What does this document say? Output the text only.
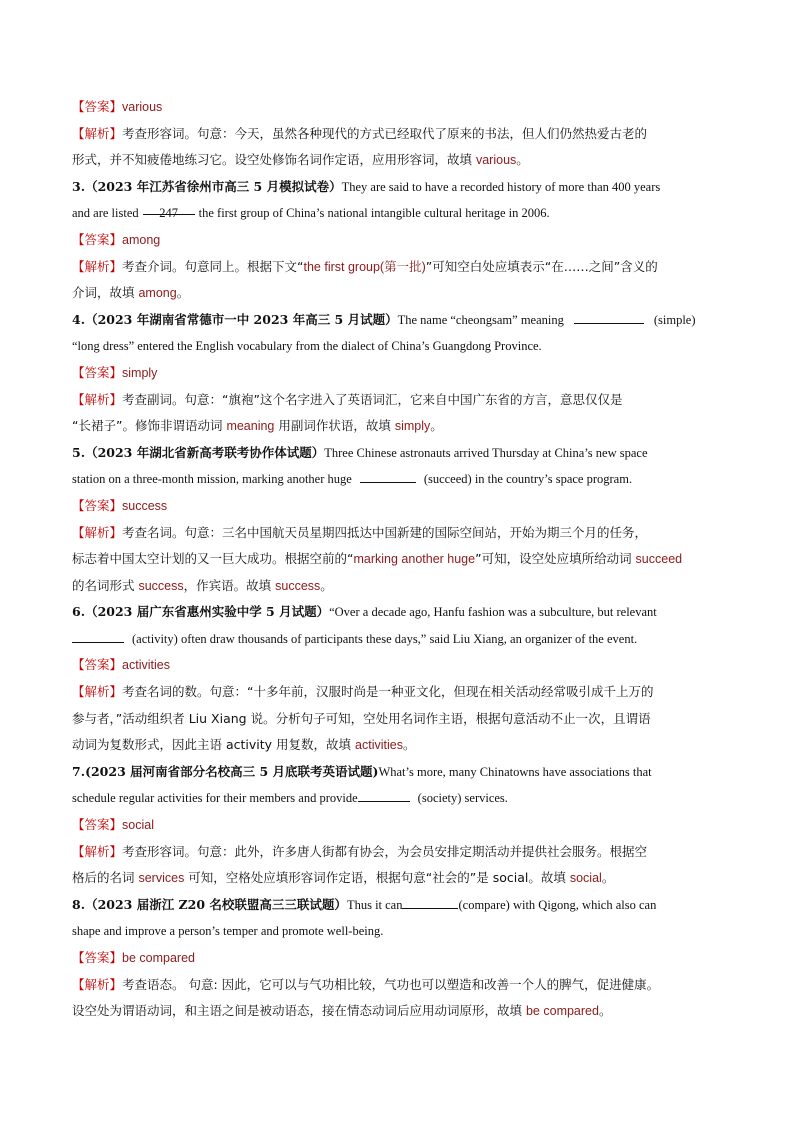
【答案】various
【解析】考查形容词。句意：今天，虽然各种现代的方式已经取代了原来的书法，但人们仍然热爱古老的
形式，并不知疲倦地练习它。设空处修饰名词作定语，应用形容词，故填 various。
3.（2023 年江苏省徐州市高三 5 月模拟试卷）They are said to have a recorded history of more than 400 years
and are listed 247 the first group of China’s national intangible cultural heritage in 2006.
【答案】among
【解析】考查介词。句意同上。根据下文“the first group(第一批)”可知空白处应填表示“在……之间”含义的
介词，故填 among。
4.（2023 年湖南省常德市一中 2023 年高三 5 月试题）The name “cheongsam” meaning	(simple)
“long dress” entered the English vocabulary from the dialect of China’s Guangdong Province.
【答案】simply
【解析】考查副词。句意：“旗袍”这个名字进入了英语词汇，它来自中国广东省的方言，意思仅仅是
“长裙子”。修饰非谓语动词 meaning 用副词作状语，故填 simply。
5.（2023 年湖北省新高考联考协作体试题）Three Chinese astronauts arrived Thursday at China’s new space
station on a three-month mission, marking another huge	(succeed) in the country’s space program.
【答案】success
【解析】考查名词。句意：三名中国航天员星期四抵达中国新建的国际空间站，开始为期三个月的任务，
标志着中国太空计划的又一巨大成功。根据空前的“marking another huge”可知，设空处应填所给动词 succeed
的名词形式 success，作宾语。故填 success。
6.（2023 届广东省惠州实验中学 5 月试题）“Over a decade ago, Hanfu fashion was a subculture, but relevant
(activity) often draw thousands of participants these days,” said Liu Xiang, an organizer of the event.
【答案】activities
【解析】考查名词的数。句意：“十多年前，汉服时尚是一种亚文化，但现在相关活动经常吸引成千上万的
参与者，”活动组织者 Liu Xiang 说。分析句子可知，空处用名词作主语，根据句意活动不止一次，且谓语
动词为复数形式，因此主语 activity 用复数，故填 activities。
7.(2023 届河南省部分名校高三 5 月底联考英语试题)What’s more, many Chinatowns have associations that
schedule regular activities for their members and provide	(society) services.
【答案】social
【解析】考查形容词。句意：此外，许多唐人街都有协会，为会员安排定期活动并提供社会服务。根据空
格后的名词 services 可知，空格处应填形容词作定语，根据句意“社会的”是 social。故填 social。
8.（2023 届浙江 Z20 名校联盟高三三联试题）Thus it can	(compare) with Qigong, which also can
shape and improve a person’s temper and promote well-being.
【答案】be compared
【解析】考查语态。 句意: 因此，它可以与气功相比较，气功也可以塑造和改善一个人的脾气，促进健康。
设空处为谓语动词，和主语之间是被动语态，接在情态动词后应用动词原形，故填 be compared。
